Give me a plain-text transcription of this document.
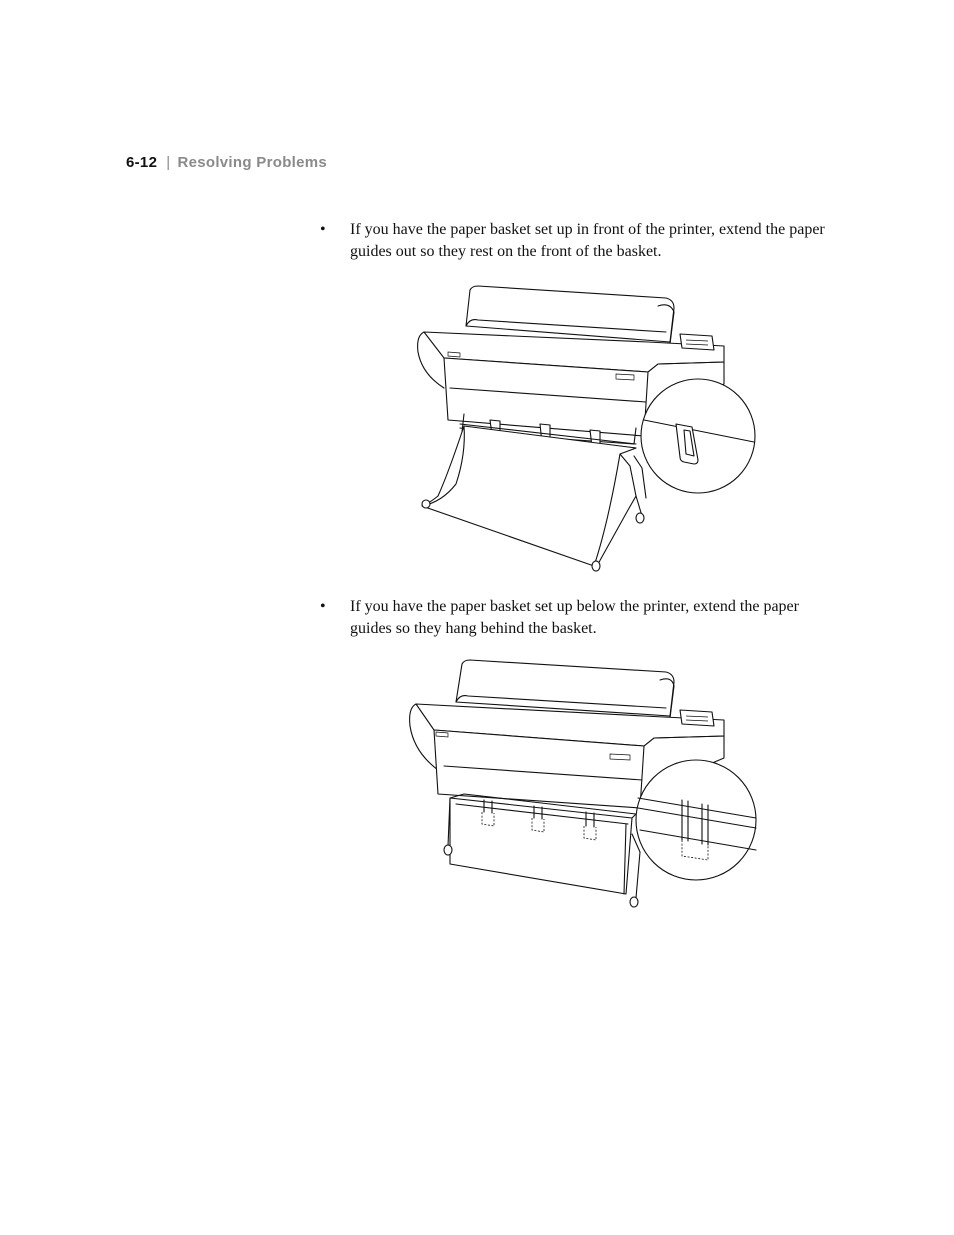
6-12 | Resolving Problems
• If you have the paper basket set up in front of the printer, extend the paper guides out so they rest on the front of the basket.
• If you have the paper basket set up below the printer, extend the paper guides so they hang behind the basket.
